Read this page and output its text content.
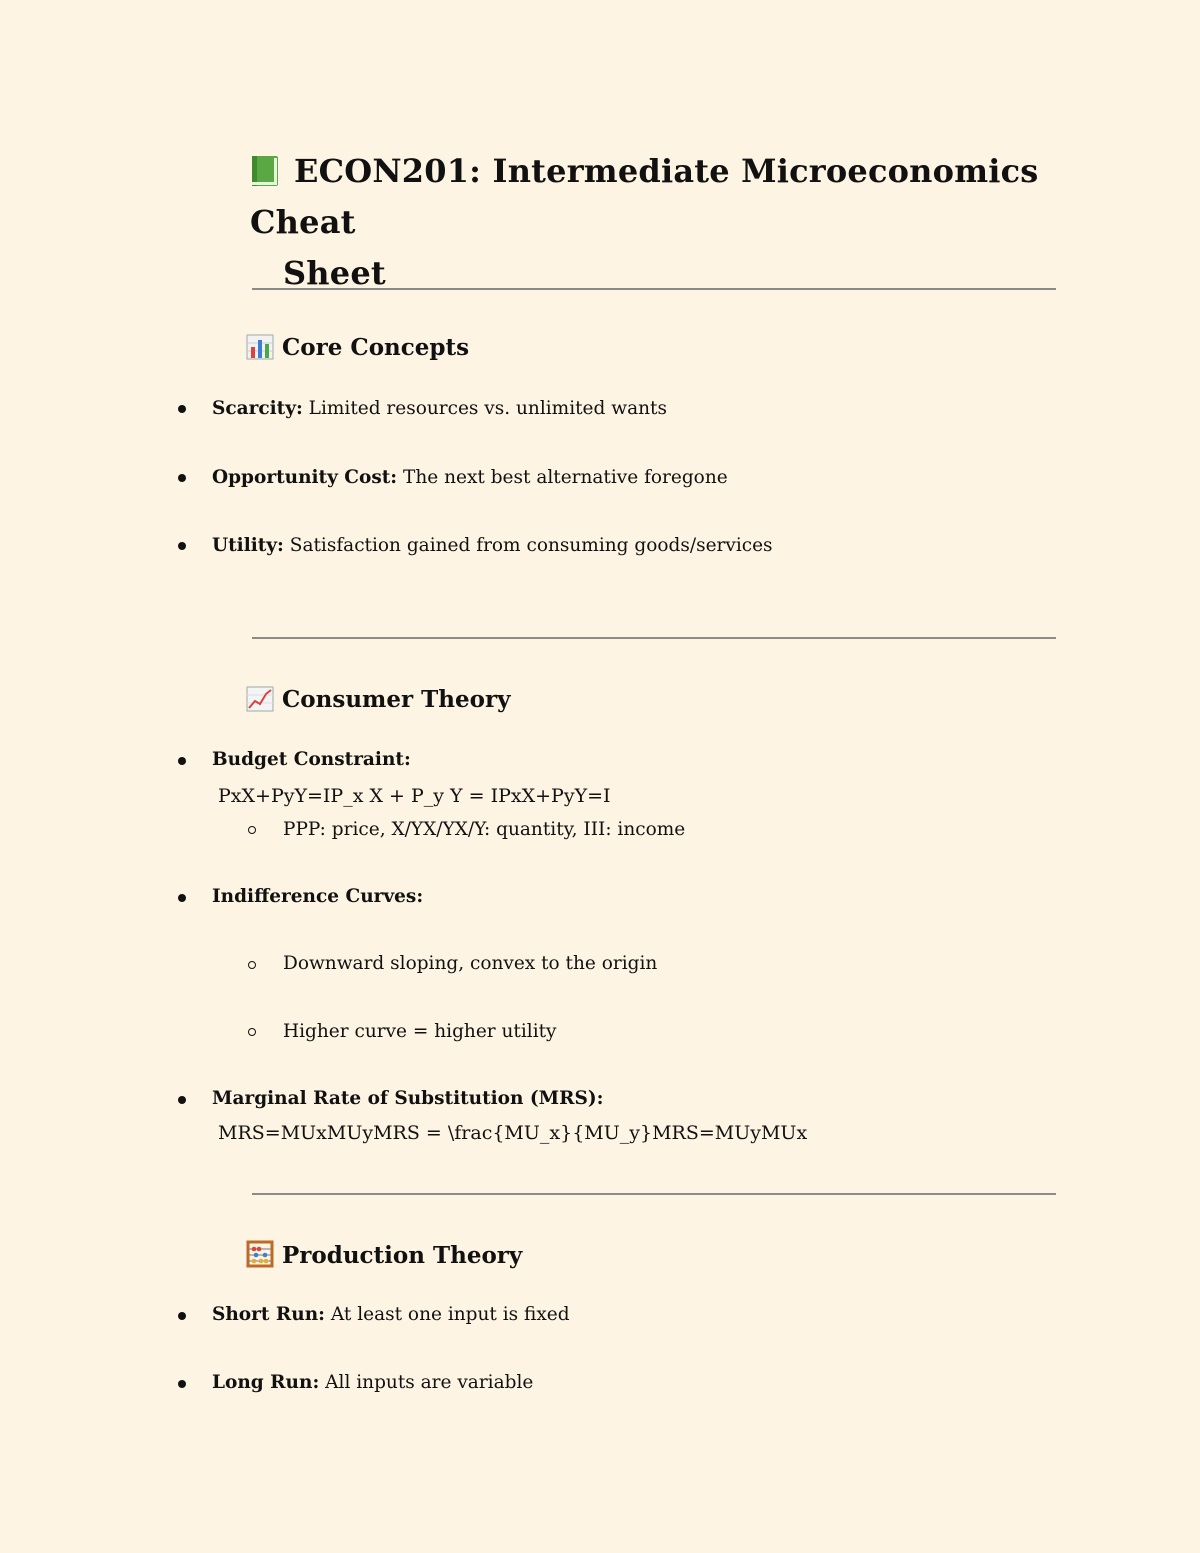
ECON201: Intermediate Microeconomics Cheat
Sheet
Core Concepts
Scarcity: Limited resources vs. unlimited wants
Opportunity Cost: The next best alternative foregone
Utility: Satisfaction gained from consuming goods/services
Consumer Theory
Budget Constraint:
PxX+PyY=IP_x X + P_y Y = IPxX+PyY=I
PPP: price, X/YX/YX/Y: quantity, III: income
Indifference Curves:
Downward sloping, convex to the origin
Higher curve = higher utility
Marginal Rate of Substitution (MRS):
MRS=MUxMUyMRS = \frac{MU_x}{MU_y}MRS=MUyMUx
Production Theory
Short Run: At least one input is fixed
Long Run: All inputs are variable
